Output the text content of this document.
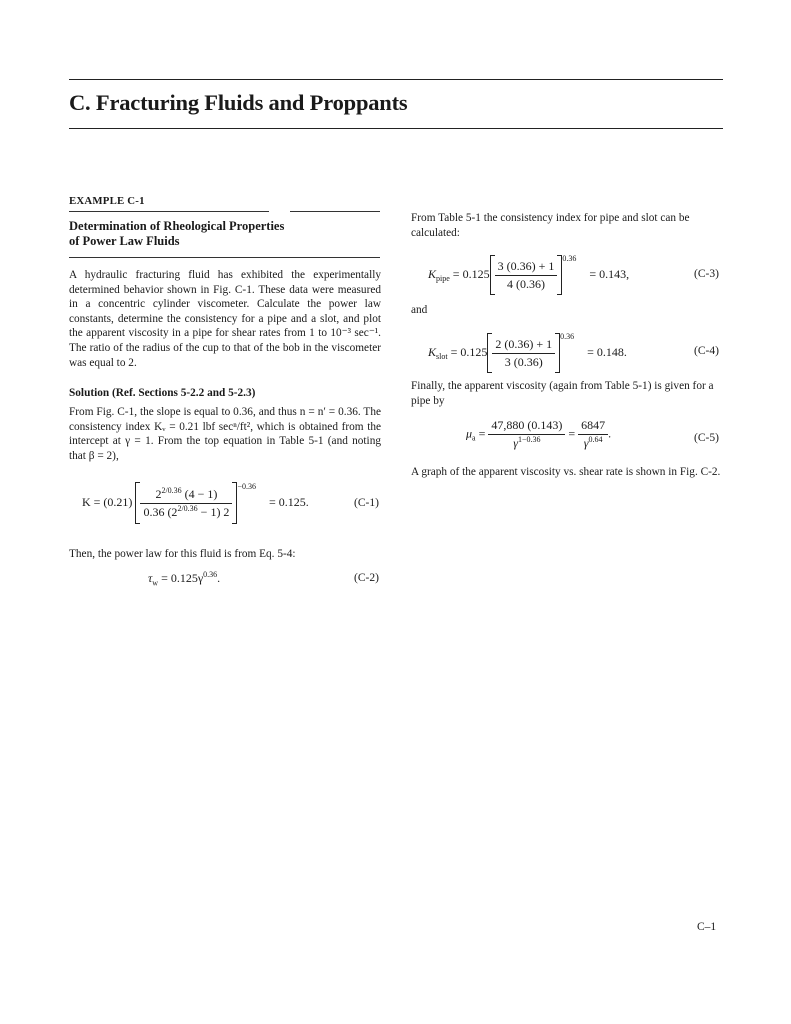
C. Fracturing Fluids and Proppants
EXAMPLE C-1
Determination of Rheological Properties
of Power Law Fluids
A hydraulic fracturing fluid has exhibited the experimentally determined behavior shown in Fig. C-1. These data were measured in a concentric cylinder viscometer. Calculate the power law constants, determine the consistency for a pipe and a slot, and plot the apparent viscosity in a pipe for shear rates from 1 to 10⁻³ sec⁻¹. The ratio of the radius of the cup to that of the bob in the viscometer was equal to 2.
Solution (Ref. Sections 5-2.2 and 5-2.3)
From Fig. C-1, the slope is equal to 0.36, and thus n = n′ = 0.36. The consistency index Kᵥ = 0.21 lbf secⁿ/ft², which is obtained from the intercept at γ = 1. From the top equation in Table 5-1 (and noting that β = 2),
$K = (0.21) \frac{2^{2/0.36} (4 - 1)}{0.36 (2^{2/0.36} - 1) 2}$
$^{-0.36}$ = 0.125.	(C-1)
Then, the power law for this fluid is from Eq. 5-4:
$\tau_w = 0.125\gamma^{0.36}$.	(C-2)
From Table 5-1 the consistency index for pipe and slot can be calculated:
$K_{pipe} = 0.125 \frac{3 (0.36) + 1}{4 (0.36)}$
$^{0.36}$ = 0.143,	(C-3)
and
$K_{slot} = 0.125 \frac{2 (0.36) + 1}{3 (0.36)}$
$^{0.36}$ = 0.148.	(C-4)
Finally, the apparent viscosity (again from Table 5-1) is given for a pipe by
$\mu_a = \frac{47,880 (0.143)}{\gamma^{1-0.36}} = \frac{6847}{\gamma^{0.64}}$ .	(C-5)
A graph of the apparent viscosity vs. shear rate is shown in Fig. C-2.
C–1
